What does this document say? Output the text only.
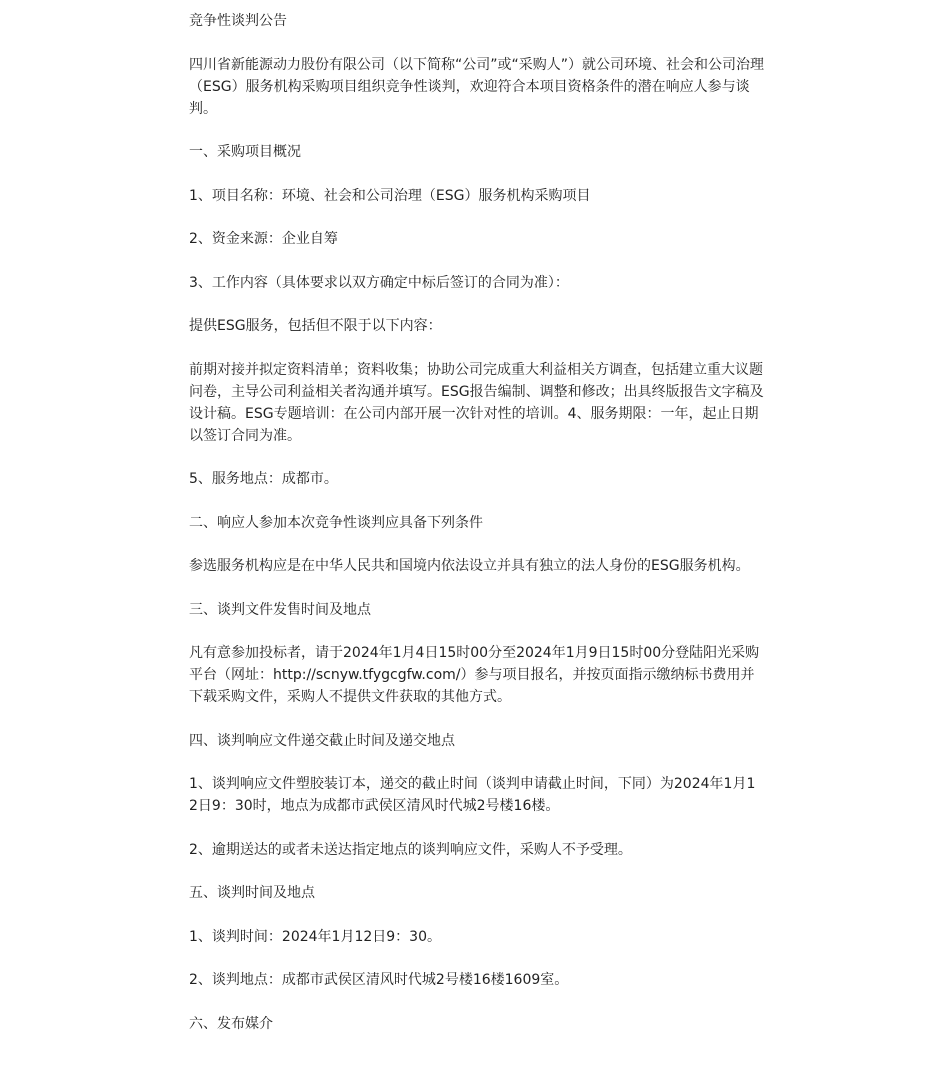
竞争性谈判公告

四川省新能源动力股份有限公司（以下简称“公司”或“采购人”）就公司环境、社会和公司治理（ESG）服务机构采购项目组织竞争性谈判，欢迎符合本项目资格条件的潜在响应人参与谈判。

一、采购项目概况

1、项目名称：环境、社会和公司治理（ESG）服务机构采购项目

2、资金来源：企业自筹

3、工作内容（具体要求以双方确定中标后签订的合同为准）：

提供ESG服务，包括但不限于以下内容：

前期对接并拟定资料清单；资料收集；协助公司完成重大利益相关方调查，包括建立重大议题问卷，主导公司利益相关者沟通并填写。ESG报告编制、调整和修改；出具终版报告文字稿及设计稿。ESG专题培训：在公司内部开展一次针对性的培训。4、服务期限：一年，起止日期以签订合同为准。

5、服务地点：成都市。

二、响应人参加本次竞争性谈判应具备下列条件

参选服务机构应是在中华人民共和国境内依法设立并具有独立的法人身份的ESG服务机构。

三、谈判文件发售时间及地点

凡有意参加投标者，请于2024年1月4日15时00分至2024年1月9日15时00分登陆阳光采购平台（网址：http://scnyw.tfygcgfw.com/）参与项目报名，并按页面指示缴纳标书费用并下载采购文件，采购人不提供文件获取的其他方式。

四、谈判响应文件递交截止时间及递交地点

1、谈判响应文件塑胶装订本，递交的截止时间（谈判申请截止时间，下同）为2024年1月12日9：30时，地点为成都市武侯区清风时代城2号楼16楼。

2、逾期送达的或者未送达指定地点的谈判响应文件，采购人不予受理。

五、谈判时间及地点

1、谈判时间：2024年1月12日9：30。

2、谈判地点：成都市武侯区清风时代城2号楼16楼1609室。

六、发布媒介
